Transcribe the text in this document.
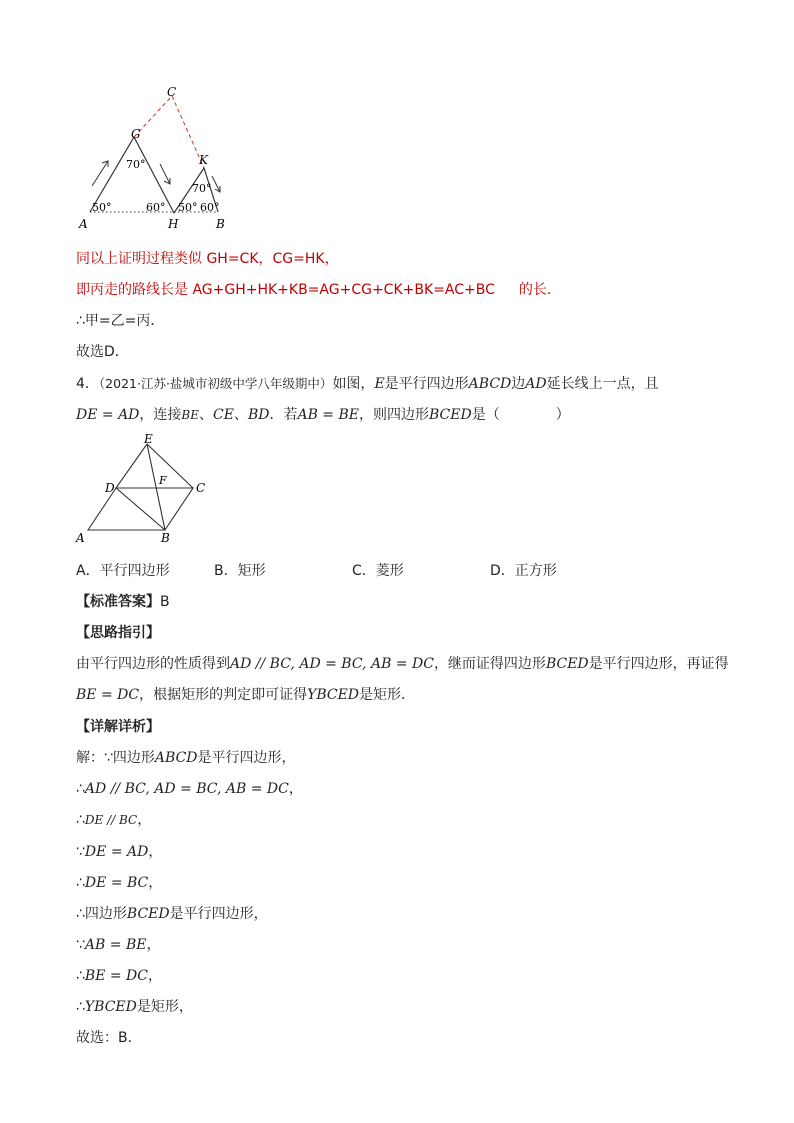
C
G
K
A	H	B
70°
70°
50°	60° 50° 60°
同以上证明过程类似 GH=CK，CG=HK，
即丙走的路线长是 AG+GH+HK+KB=AG+CG+CK+BK=AC+BC 的长．
∴甲=乙=丙．
故选D．
4．（2021·江苏·盐城市初级中学八年级期中）如图，E是平行四边形ABCD边AD延长线上一点，且
DE = AD，连接BE、CE、BD．若AB = BE，则四边形BCED是（　　　　）
E
D
F
C
A	B
A．平行四边形	B．矩形	C．菱形	D．正方形
【标准答案】B
【思路指引】
由平行四边形的性质得到AD // BC, AD = BC, AB = DC，继而证得四边形BCED是平行四边形，再证得
BE = DC，根据矩形的判定即可证得YBCED是矩形．
【详解详析】
解：∵四边形ABCD是平行四边形，
∴AD // BC, AD = BC, AB = DC，
∴DE // BC，
∵DE = AD，
∴DE = BC，
∴四边形BCED是平行四边形，
∵AB = BE，
∴BE = DC，
∴YBCED是矩形，
故选：B．
